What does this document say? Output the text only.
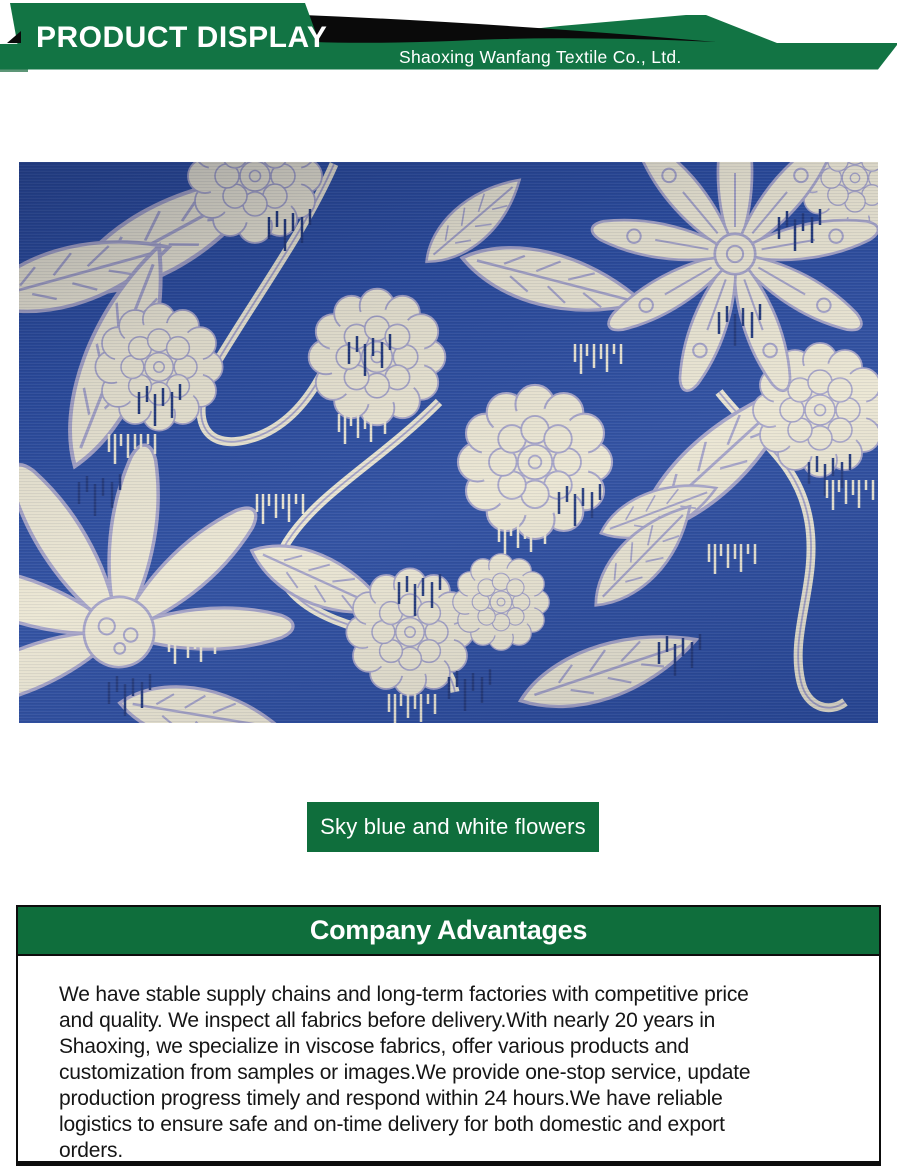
PRODUCT DISPLAY
Shaoxing Wanfang Textile Co., Ltd.
Sky blue and white flowers
Company Advantages
We have stable supply chains and long-term factories with competitive price
and quality. We inspect all fabrics before delivery.With nearly 20 years in
Shaoxing, we specialize in viscose fabrics, offer various products and
customization from samples or images.We provide one-stop service, update
production progress timely and respond within 24 hours.We have reliable
logistics to ensure safe and on-time delivery for both domestic and export
orders.
